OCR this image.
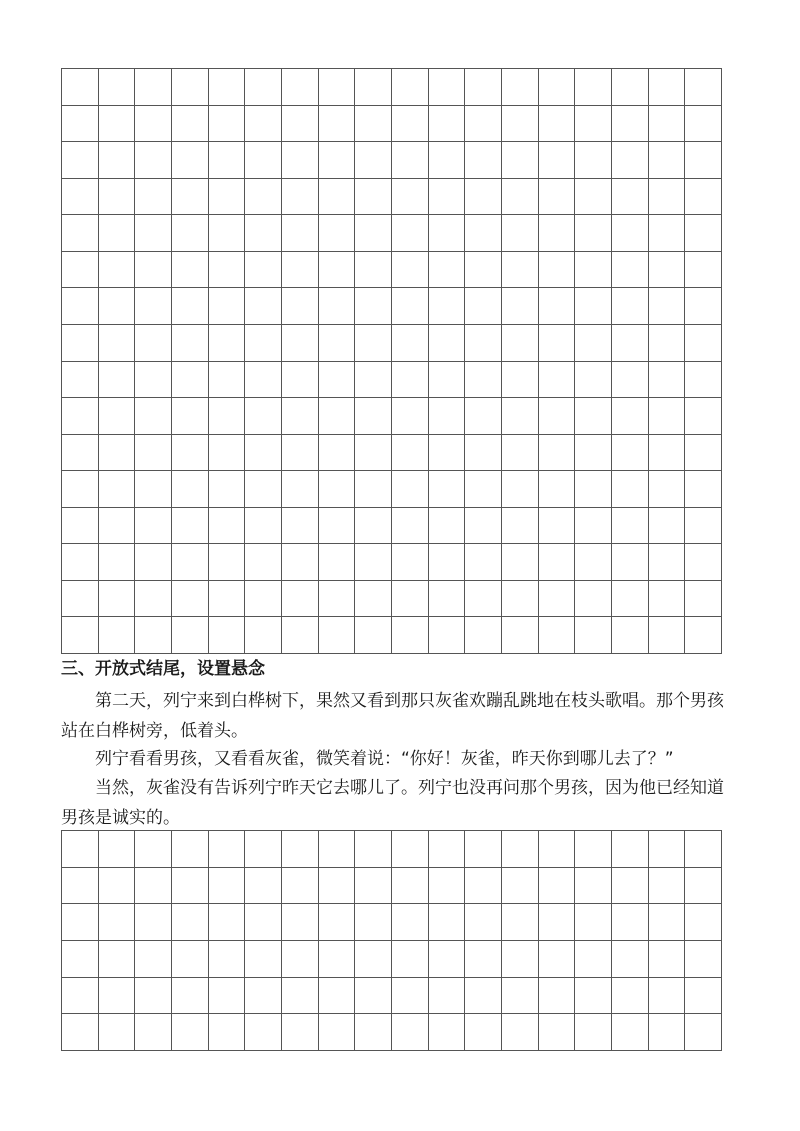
三、开放式结尾，设置悬念

第二天，列宁来到白桦树下，果然又看到那只灰雀欢蹦乱跳地在枝头歌唱。那个男孩站在白桦树旁，低着头。

列宁看看男孩，又看看灰雀，微笑着说：“你好！灰雀，昨天你到哪儿去了？”

当然，灰雀没有告诉列宁昨天它去哪儿了。列宁也没再问那个男孩，因为他已经知道男孩是诚实的。
